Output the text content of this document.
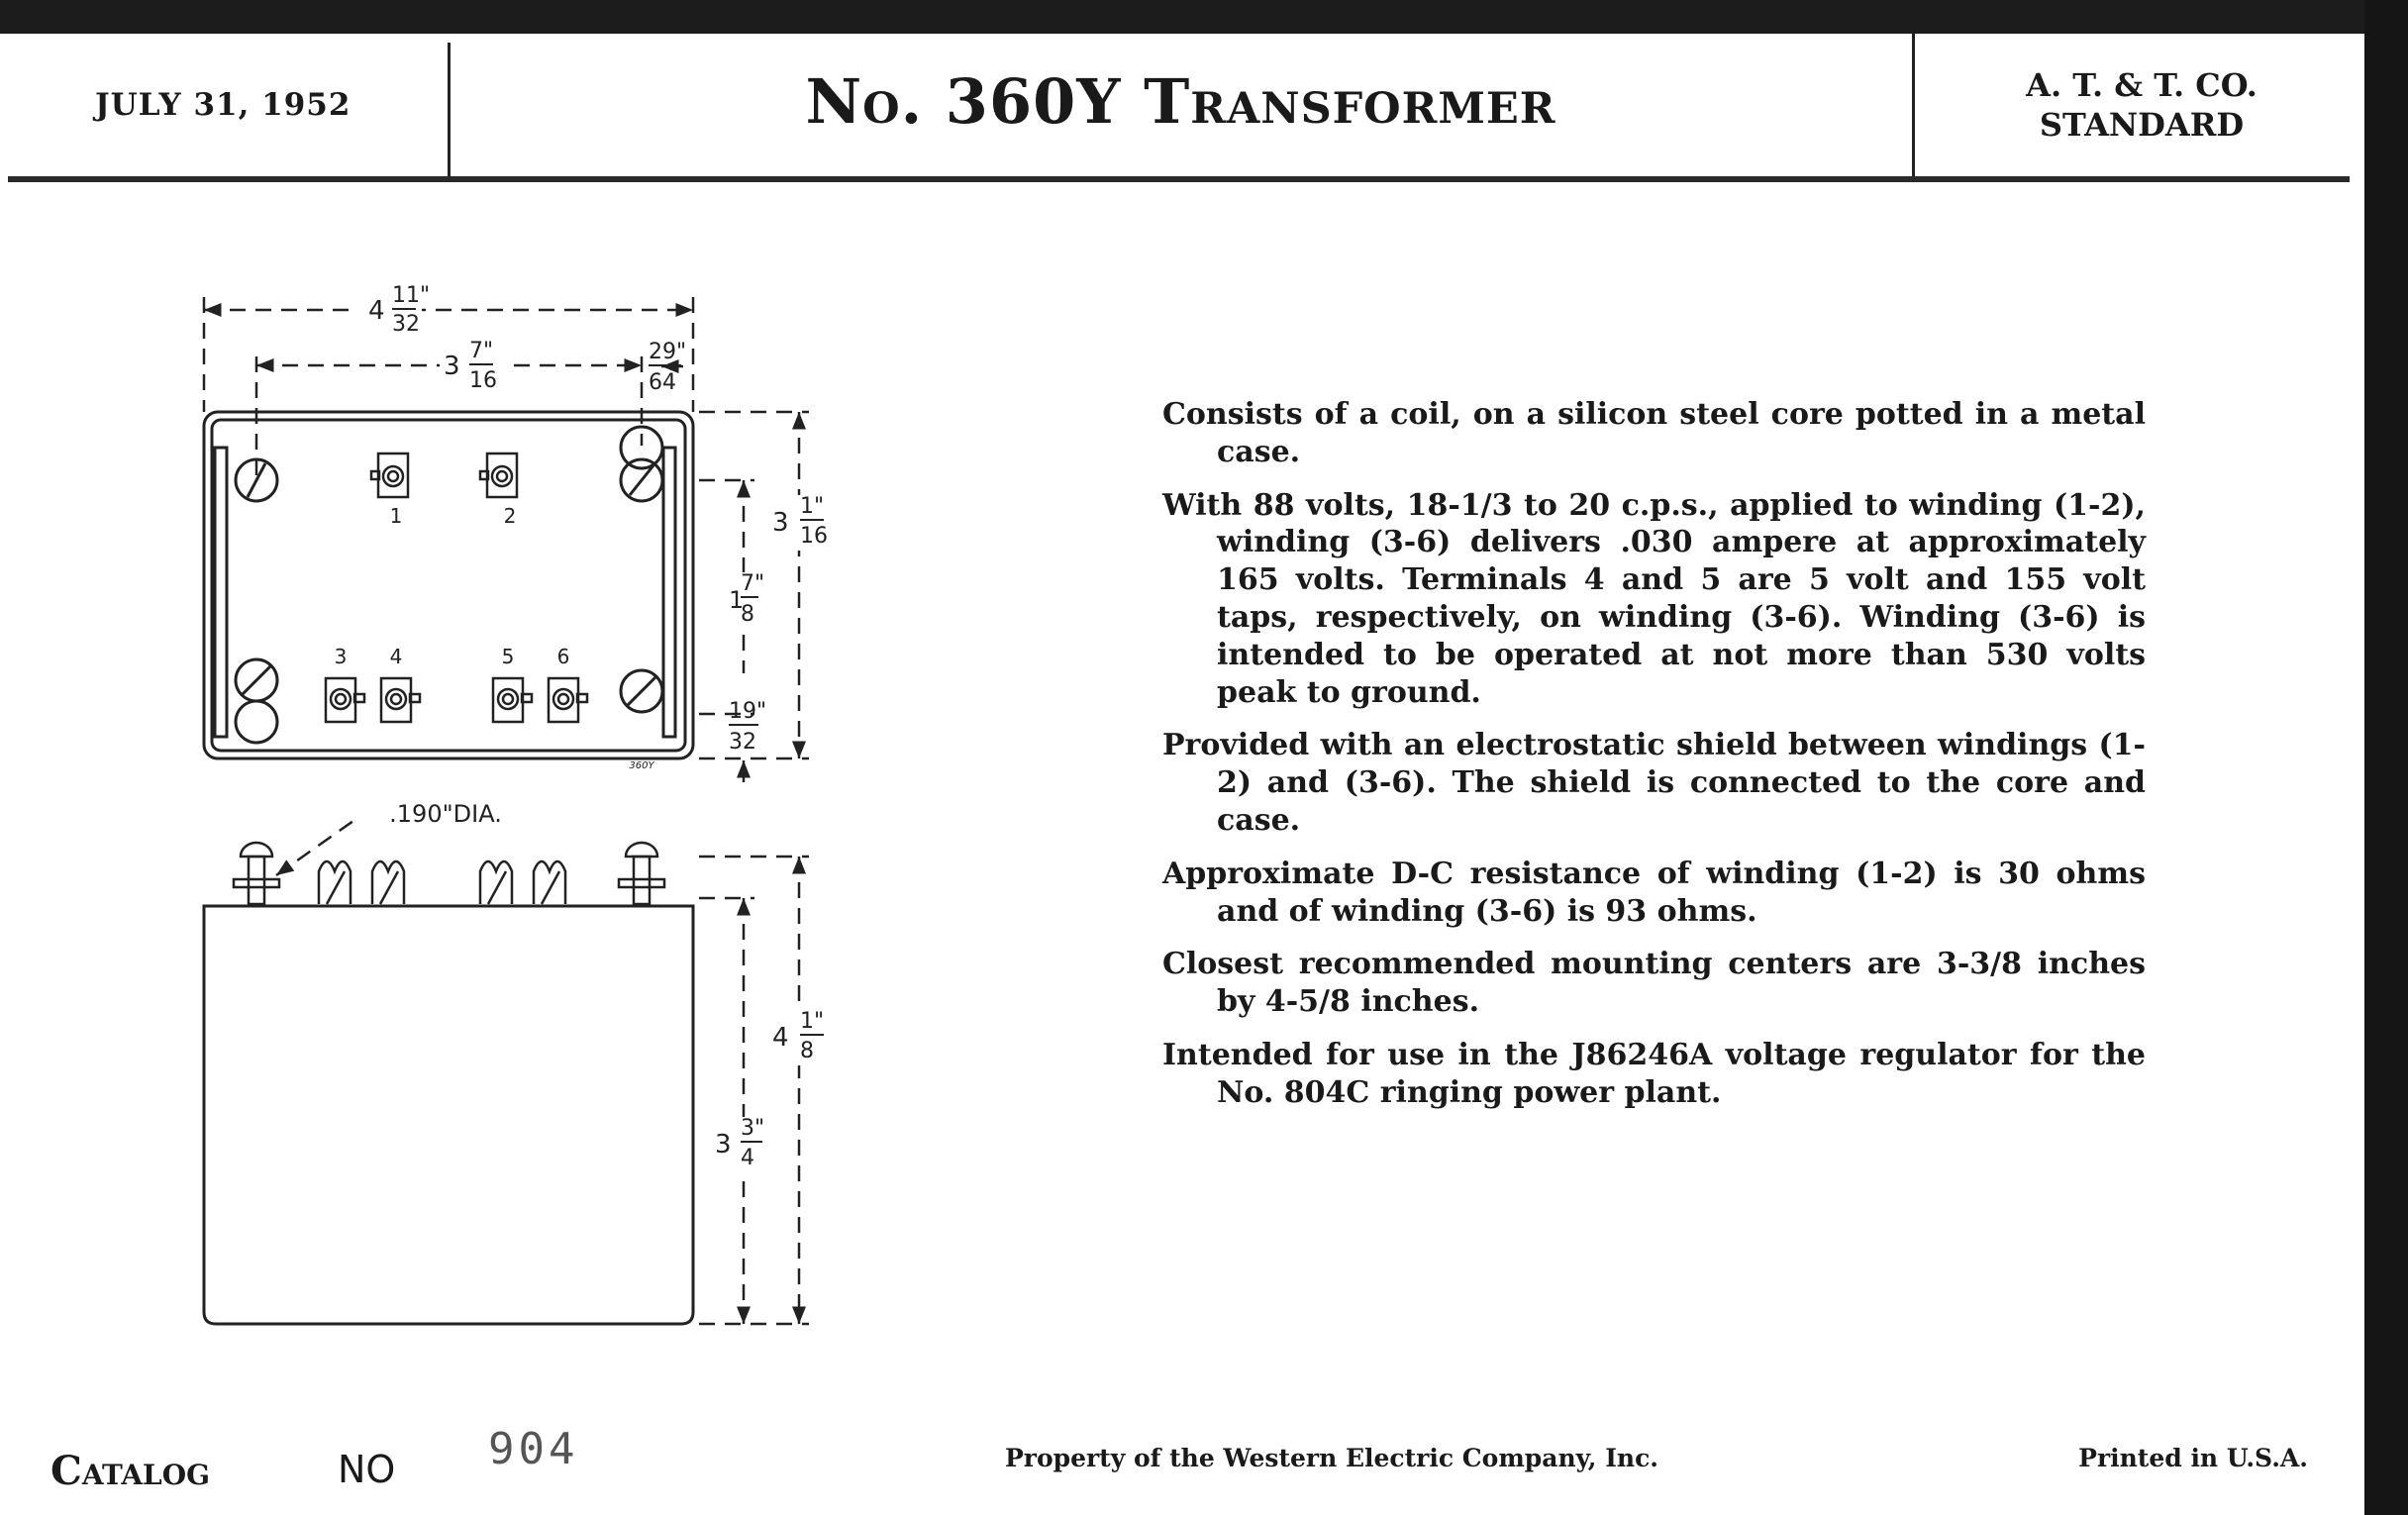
JULY 31, 1952	No. 360Y Transformer	A. T. & T. CO.
STANDARD
1	2
3 4	5 6
360Y
.190"DIA.
4
11"
32
3
7"
16
29"
64
3
1"
16
1
7"
8
19"
32
4
1"
8
3
3"
4

Consists of a coil, on a silicon steel core potted in a metal case.

With 88 volts, 18-1/3 to 20 c.p.s., applied to winding (1-2), winding (3-6) delivers .030 ampere at approximately 165 volts. Terminals 4 and 5 are 5 volt and 155 volt taps, respectively, on winding (3-6). Winding (3-6) is intended to be operated at not more than 530 volts peak to ground.

Provided with an electrostatic shield between windings (1-2) and (3-6). The shield is connected to the core and case.

Approximate D-C resistance of winding (1-2) is 30 ohms and of winding (3-6) is 93 ohms.

Closest recommended mounting centers are 3-3/8 inches by 4-5/8 inches.

Intended for use in the J86246A voltage regulator for the No. 804C ringing power plant.

Catalog	NO 904	Property of the Western Electric Company, Inc.	Printed in U.S.A.
